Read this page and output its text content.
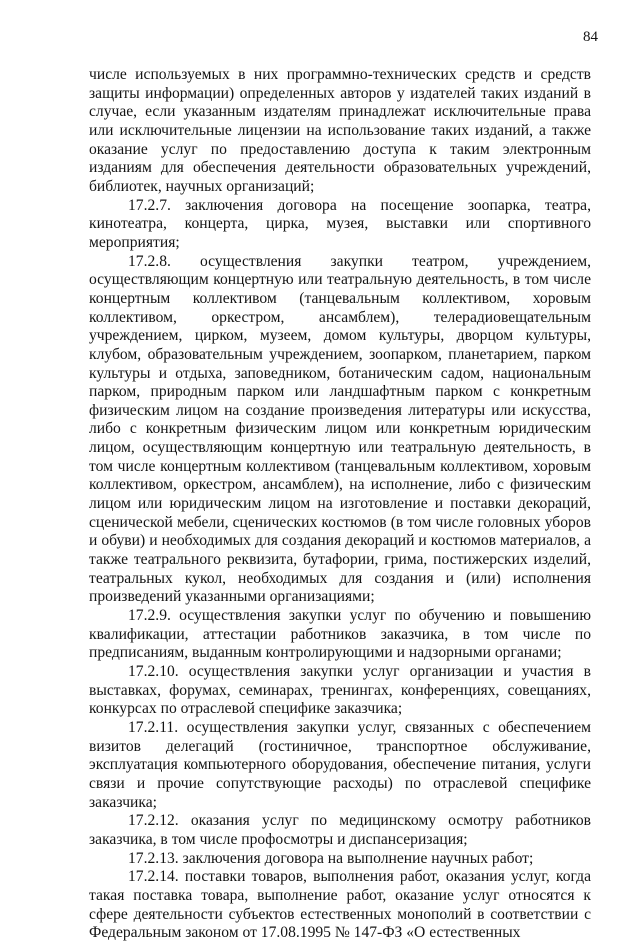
84

числе используемых в них программно-технических средств и средств защиты информации) определенных авторов у издателей таких изданий в случае, если указанным издателям принадлежат исключительные права или исключительные лицензии на использование таких изданий, а также оказание услуг по предоставлению доступа к таким электронным изданиям для обеспечения деятельности образовательных учреждений, библиотек, научных организаций;

17.2.7. заключения договора на посещение зоопарка, театра, кинотеатра, концерта, цирка, музея, выставки или спортивного мероприятия;

17.2.8. осуществления закупки театром, учреждением, осуществляющим концертную или театральную деятельность, в том числе концертным коллективом (танцевальным коллективом, хоровым коллективом, оркестром, ансамблем), телерадиовещательным учреждением, цирком, музеем, домом культуры, дворцом культуры, клубом, образовательным учреждением, зоопарком, планетарием, парком культуры и отдыха, заповедником, ботаническим садом, национальным парком, природным парком или ландшафтным парком с конкретным физическим лицом на создание произведения литературы или искусства, либо с конкретным физическим лицом или конкретным юридическим лицом, осуществляющим концертную или театральную деятельность, в том числе концертным коллективом (танцевальным коллективом, хоровым коллективом, оркестром, ансамблем), на исполнение, либо с физическим лицом или юридическим лицом на изготовление и поставки декораций, сценической мебели, сценических костюмов (в том числе головных уборов и обуви) и необходимых для создания декораций и костюмов материалов, а также театрального реквизита, бутафории, грима, постижерских изделий, театральных кукол, необходимых для создания и (или) исполнения произведений указанными организациями;

17.2.9. осуществления закупки услуг по обучению и повышению квалификации, аттестации работников заказчика, в том числе по предписаниям, выданным контролирующими и надзорными органами;

17.2.10. осуществления закупки услуг организации и участия в выставках, форумах, семинарах, тренингах, конференциях, совещаниях, конкурсах по отраслевой специфике заказчика;

17.2.11. осуществления закупки услуг, связанных с обеспечением визитов делегаций (гостиничное, транспортное обслуживание, эксплуатация компьютерного оборудования, обеспечение питания, услуги связи и прочие сопутствующие расходы) по отраслевой специфике заказчика;

17.2.12. оказания услуг по медицинскому осмотру работников заказчика, в том числе профосмотры и диспансеризация;

17.2.13. заключения договора на выполнение научных работ;

17.2.14. поставки товаров, выполнения работ, оказания услуг, когда такая поставка товара, выполнение работ, оказание услуг относятся к сфере деятельности субъектов естественных монополий в соответствии с Федеральным законом от 17.08.1995 № 147-ФЗ «О естественных
